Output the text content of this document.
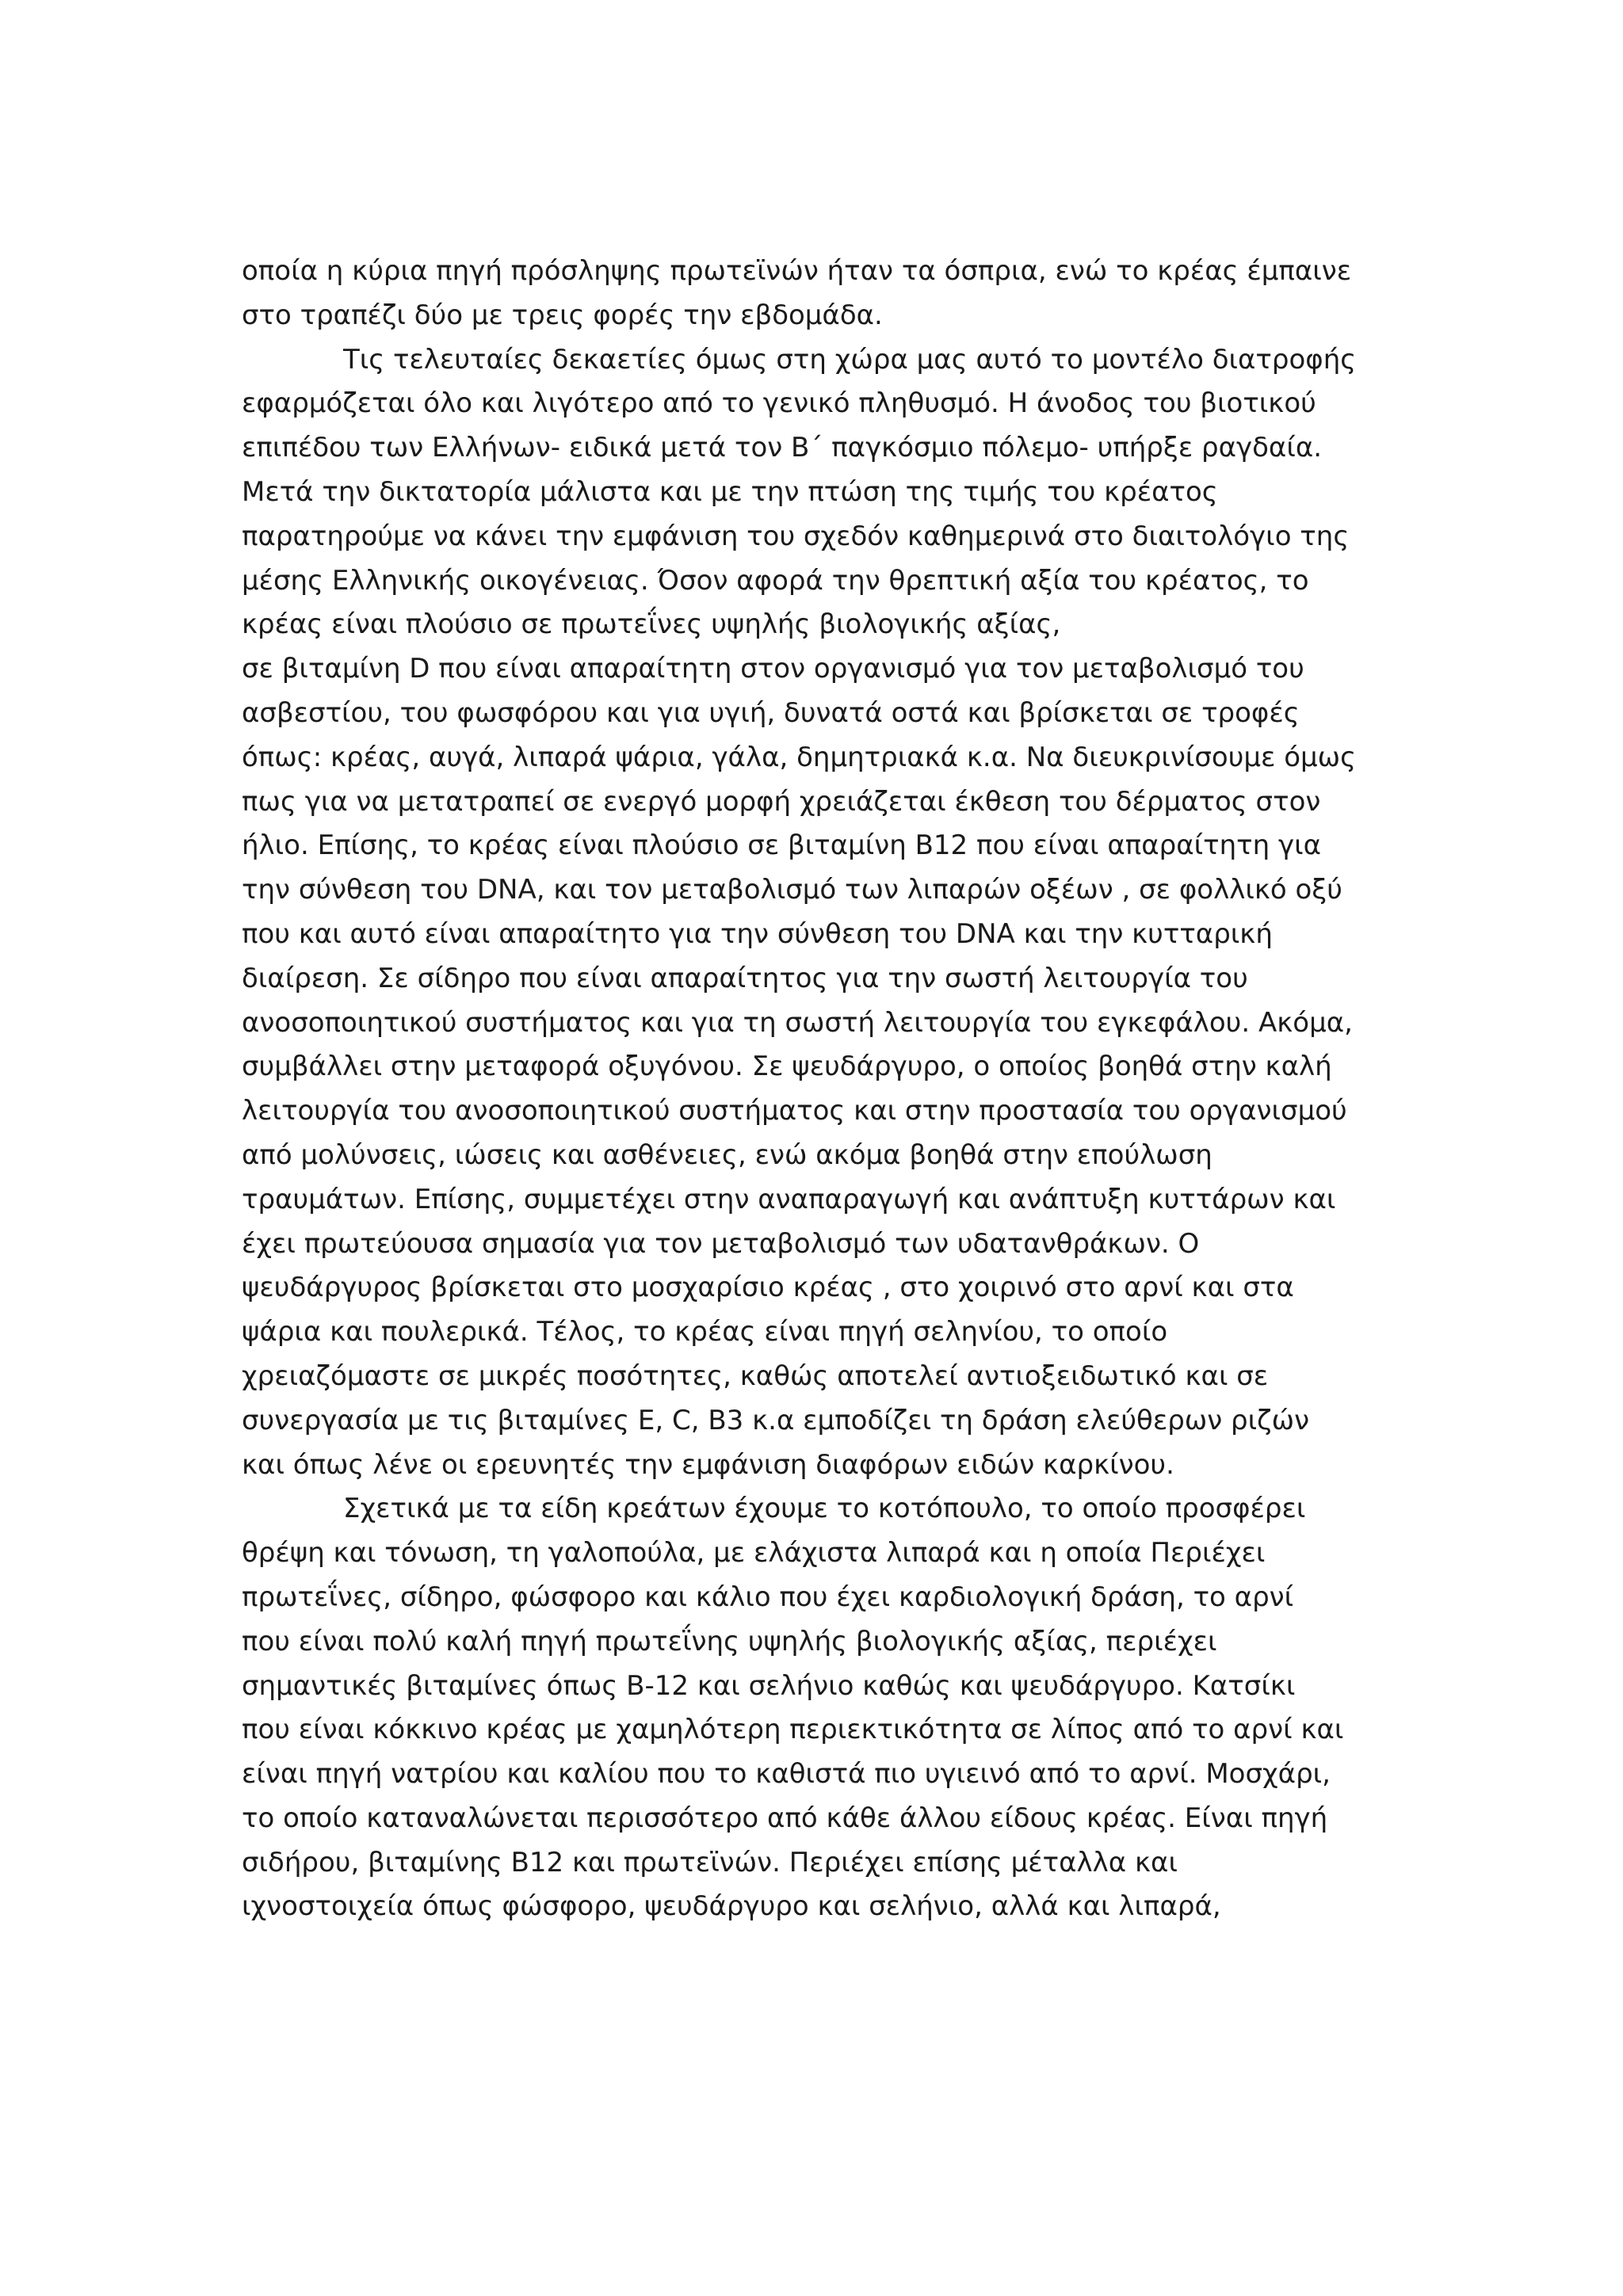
οποία η κύρια πηγή πρόσληψης πρωτεϊνών ήταν τα όσπρια, ενώ το κρέας έμπαινε
στο τραπέζι δύο με τρεις φορές την εβδομάδα.
Τις τελευταίες δεκαετίες όμως στη χώρα μας αυτό το μοντέλο διατροφής
εφαρμόζεται όλο και λιγότερο από το γενικό πληθυσμό. Η άνοδος του βιοτικού
επιπέδου των Ελλήνων- ειδικά μετά τον Β΄ παγκόσμιο πόλεμο- υπήρξε ραγδαία.
Μετά την δικτατορία μάλιστα και με την πτώση της τιμής του κρέατος
παρατηρούμε να κάνει την εμφάνιση του σχεδόν καθημερινά στο διαιτολόγιο της
μέσης Ελληνικής οικογένειας. Όσον αφορά την θρεπτική αξία του κρέατος, το
κρέας είναι πλούσιο σε πρωτεΐνες υψηλής βιολογικής αξίας,
σε βιταμίνη D που είναι απαραίτητη στον οργανισμό για τον μεταβολισμό του
ασβεστίου, του φωσφόρου και για υγιή, δυνατά οστά και βρίσκεται σε τροφές
όπως: κρέας, αυγά, λιπαρά ψάρια, γάλα, δημητριακά κ.α. Να διευκρινίσουμε όμως
πως για να μετατραπεί σε ενεργό μορφή χρειάζεται έκθεση του δέρματος στον
ήλιο. Επίσης, το κρέας είναι πλούσιο σε βιταμίνη Β12 που είναι απαραίτητη για
την σύνθεση του DNA, και τον μεταβολισμό των λιπαρών οξέων , σε φολλικό οξύ
που και αυτό είναι απαραίτητο για την σύνθεση του DNA και την κυτταρική
διαίρεση. Σε σίδηρο που είναι απαραίτητος για την σωστή λειτουργία του
ανοσοποιητικού συστήματος και για τη σωστή λειτουργία του εγκεφάλου. Ακόμα,
συμβάλλει στην μεταφορά οξυγόνου. Σε ψευδάργυρο, ο οποίος βοηθά στην καλή
λειτουργία του ανοσοποιητικού συστήματος και στην προστασία του οργανισμού
από μολύνσεις, ιώσεις και ασθένειες, ενώ ακόμα βοηθά στην επούλωση
τραυμάτων. Επίσης, συμμετέχει στην αναπαραγωγή και ανάπτυξη κυττάρων και
έχει πρωτεύουσα σημασία για τον μεταβολισμό των υδατανθράκων. Ο
ψευδάργυρος βρίσκεται στο μοσχαρίσιο κρέας , στο χοιρινό στο αρνί και στα
ψάρια και πουλερικά. Τέλος, το κρέας είναι πηγή σεληνίου, το οποίο
χρειαζόμαστε σε μικρές ποσότητες, καθώς αποτελεί αντιοξειδωτικό και σε
συνεργασία με τις βιταμίνες Ε, C, Β3 κ.α εμποδίζει τη δράση ελεύθερων ριζών
και όπως λένε οι ερευνητές την εμφάνιση διαφόρων ειδών καρκίνου.
Σχετικά με τα είδη κρεάτων έχουμε το κοτόπουλο, το οποίο προσφέρει
θρέψη και τόνωση, τη γαλοπούλα, με ελάχιστα λιπαρά και η οποία Περιέχει
πρωτεΐνες, σίδηρο, φώσφορο και κάλιο που έχει καρδιολογική δράση, το αρνί
που είναι πολύ καλή πηγή πρωτεΐνης υψηλής βιολογικής αξίας, περιέχει
σημαντικές βιταμίνες όπως Β-12 και σελήνιο καθώς και ψευδάργυρο. Κατσίκι
που είναι κόκκινο κρέας με χαμηλότερη περιεκτικότητα σε λίπος από το αρνί και
είναι πηγή νατρίου και καλίου που το καθιστά πιο υγιεινό από το αρνί. Μοσχάρι,
το οποίο καταναλώνεται περισσότερο από κάθε άλλου είδους κρέας. Είναι πηγή
σιδήρου, βιταμίνης Β12 και πρωτεϊνών. Περιέχει επίσης μέταλλα και
ιχνοστοιχεία όπως φώσφορο, ψευδάργυρο και σελήνιο, αλλά και λιπαρά,
